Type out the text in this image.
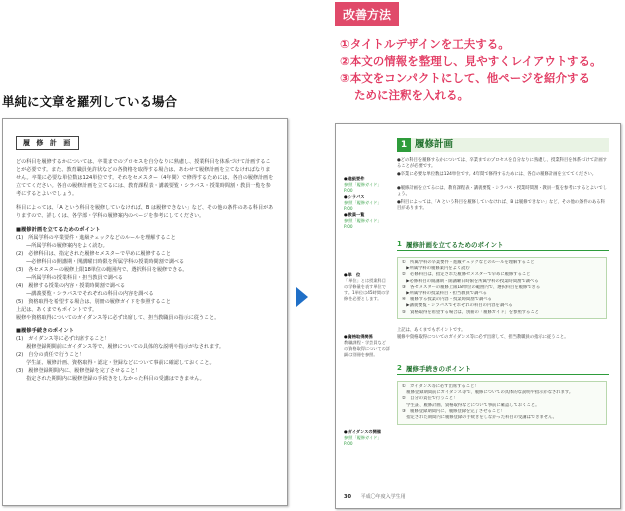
改善方法
①タイトルデザインを工夫する。
②本文の情報を整理し、見やすくレイアウトする。
③本文をコンパクトにして、他ページを紹介する
ために注釈を入れる。
単純に文章を羅列している場合
履 修 計 画

どの科目を履修するかについては、卒業までのプロセスを自分なりに熟慮し、授業科目を体系づけて計画することが必要です。また、教育職員免許状などの各資格を取得する場合は、あわせて履修計画を立てなければなりません。卒業に必要な単位数は124単位です。それをセメスター（4年間）で修得するためには、各自の履修計画を立ててください。各自の履修計画を立てるには、教育課程表・講義要覧・シラバス・授業時間割・教員一覧を参考にするとよいでしょう。

科目によっては、「A という科目を履修していなければ、B は履修できない」など、その他の条件のある科目がありますので、詳しくは、各学部・学科の履修案内のページを参考にしてください。

■履修計画を立てるためのポイント

(1)　所属学科の卒業要件・進級チェックなどのルールを理解すること
　　―所属学科の履修案内をよく読む。
(2)　必修科目は、指定された履修セメスターで早めに履修すること
　　―必修科目の開講期・開講曜日時限を所属学科の授業時間割で調べる
(3)　各セメスターの履修上限18単位の範囲内で、選択科目を履修できる。
　　―所属学科の授業科目・担当教員で調べる
(4)　履修する授業の内容・授業時間割で調べる
　　―講義要覧・シラバスでそれぞれの科目の内容を調べる
(5)　資格取得を希望する場合は、別冊の履修ガイドを参照すること
上記は、あくまでもポイントです。
履修や資格取得についてのガイダンス等に必ず出席して、担当教職員の指示に従うこと。

■履修手続きのポイント

(1)　ガイダンス等に必ず出席すること！
　　履修登録期間前にガイダンス等で、履修についての具体的な説明や指示がなされます。
(2)　自分の責任で行うこと！
　　学生証、履修計画、資格取得・認定・登録などについて事前に確認しておくこと。
(3)　履修登録期間内に、履修登録を完了させること！
　　指定された期間内に履修登録の手続きをしなかった科目の受講はできません。
1 履修計画
●進級要件
参照「履修ガイド」P.00
●シラバス
参照「履修ガイド」P.00
●教員一覧
参照「履修ガイド」P.00
●単　位
「単位」とは授業科目の学修量を表す単位です。1単位は45時間の学修を必要とします。
●資格取得関係
教職課程・学芸員などの資格取得についての詳細は別冊を参照。
●ガイダンスの開催
参照「履修ガイド」P.00

●どの科目を履修するかについては、卒業までのプロセスを自分なりに熟慮し、授業科目を体系づけて計画することが必要です。

●卒業に必要な単位数は124単位です。4年間で修得するためには、各自の履修計画を立ててください。

●履修計画を立てるには、教育課程表・講義要覧・シラバス・授業時間割・教員一覧を参考にするとよいでしょう。

●科目によっては、「A という科目を履修していなければ、B は履修できない」など、その他の条件のある科目があります。

1 履修計画を立てるためのポイント
①　所属学科の卒業要件・進級チェックなどのルールを理解すること
　▶所属学科の履修案内をよく読む
②　必修科目は、指定された履修セメスターで早めに履修すること
　▶必修科目の開講期・開講曜日時限を所属学科の授業時間割で調べる
③　各セメスターの履修上限18単位の範囲内で、選択科目を履修できる
　▶所属学科の授業科目・担当教員で調べる
④　履修する授業の内容・授業時間割で調べる
　▶講義要覧・シラバスでそれぞれの科目の内容を調べる
⑤　資格取得を希望する場合は、別冊の「履修ガイド」を参照すること

上記は、あくまでもポイントです。

履修や資格取得についてのガイダンス等に必ず出席して、担当教職員の指示に従うこと。

2 履修手続きのポイント
①　ガイダンス等に必ず出席すること！
　履修登録期間前にガイダンス等で、履修についての具体的な説明や指示がなされます。
②　自分の責任で行うこと！
　学生証、履修計画、資格取得などについて事前に確認しておくこと。
③　履修登録期間内に、履修登録を完了させること！
　指定された期間内に履修登録の手続きをしなかった科目の受講はできません。
30 平成〇年度入学生用
